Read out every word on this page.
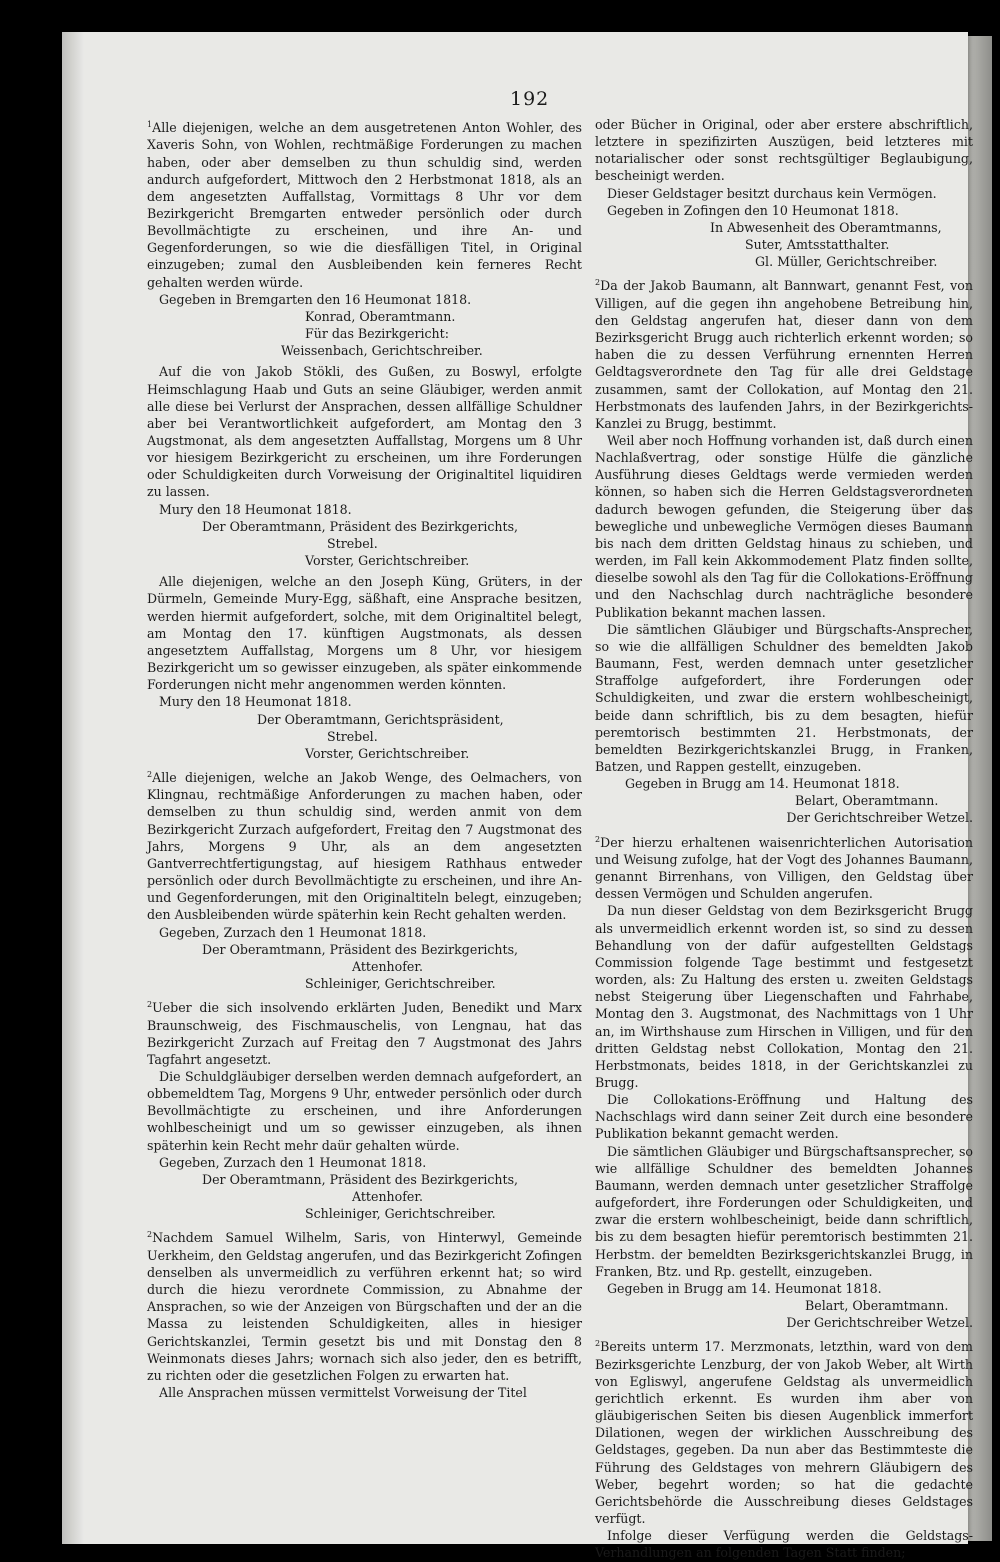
192

$^1$Alle diejenigen, welche an dem ausgetretenen Anton Wohler, des Xaveris Sohn, von Wohlen, rechtmäßige Forderungen zu machen haben, oder aber demselben zu thun schuldig sind, werden andurch aufgefordert, Mittwoch den 2 Herbstmonat 1818, als an dem angesetzten Auffallstag, Vormittags 8 Uhr vor dem Bezirkgericht Bremgarten entweder persönlich oder durch Bevollmächtigte zu erscheinen, und ihre An- und Gegenforderungen, so wie die diesfälligen Titel, in Original einzugeben; zumal den Ausbleibenden kein ferneres Recht gehalten werden würde.

Gegeben in Bremgarten den 16 Heumonat 1818.

Konrad, Oberamtmann.

Für das Bezirkgericht:

Weissenbach, Gerichtschreiber.

Auf die von Jakob Stökli, des Gußen, zu Boswyl, erfolgte Heimschlagung Haab und Guts an seine Gläubiger, werden anmit alle diese bei Verlurst der Ansprachen, dessen allfällige Schuldner aber bei Verantwortlichkeit aufgefordert, am Montag den 3 Augstmonat, als dem angesetzten Auffallstag, Morgens um 8 Uhr vor hiesigem Bezirkgericht zu erscheinen, um ihre Forderungen oder Schuldigkeiten durch Vorweisung der Originaltitel liquidiren zu lassen.

Mury den 18 Heumonat 1818.

Der Oberamtmann, Präsident des Bezirkgerichts,

Strebel.

Vorster, Gerichtschreiber.

Alle diejenigen, welche an den Joseph Küng, Grüters, in der Dürmeln, Gemeinde Mury-Egg, säßhaft, eine Ansprache besitzen, werden hiermit aufgefordert, solche, mit dem Originaltitel belegt, am Montag den 17. künftigen Augstmonats, als dessen angesetztem Auffallstag, Morgens um 8 Uhr, vor hiesigem Bezirkgericht um so gewisser einzugeben, als später einkommende Forderungen nicht mehr angenommen werden könnten.

Mury den 18 Heumonat 1818.

Der Oberamtmann, Gerichtspräsident,

Strebel.

Vorster, Gerichtschreiber.

$^2$Alle diejenigen, welche an Jakob Wenge, des Oelmachers, von Klingnau, rechtmäßige Anforderungen zu machen haben, oder demselben zu thun schuldig sind, werden anmit von dem Bezirkgericht Zurzach aufgefordert, Freitag den 7 Augstmonat des Jahrs, Morgens 9 Uhr, als an dem angesetzten Gantverrechtfertigungstag, auf hiesigem Rathhaus entweder persönlich oder durch Bevollmächtigte zu erscheinen, und ihre An- und Gegenforderungen, mit den Originaltiteln belegt, einzugeben; den Ausbleibenden würde späterhin kein Recht gehalten werden.

Gegeben, Zurzach den 1 Heumonat 1818.

Der Oberamtmann, Präsident des Bezirkgerichts,

Attenhofer.

Schleiniger, Gerichtschreiber.

$^2$Ueber die sich insolvendo erklärten Juden, Benedikt und Marx Braunschweig, des Fischmauschelis, von Lengnau, hat das Bezirkgericht Zurzach auf Freitag den 7 Augstmonat des Jahrs Tagfahrt angesetzt.

Die Schuldgläubiger derselben werden demnach aufgefordert, an obbemeldtem Tag, Morgens 9 Uhr, entweder persönlich oder durch Bevollmächtigte zu erscheinen, und ihre Anforderungen wohlbescheinigt und um so gewisser einzugeben, als ihnen späterhin kein Recht mehr daür gehalten würde.

Gegeben, Zurzach den 1 Heumonat 1818.

Der Oberamtmann, Präsident des Bezirkgerichts,

Attenhofer.

Schleiniger, Gerichtschreiber.

$^2$Nachdem Samuel Wilhelm, Saris, von Hinterwyl, Gemeinde Uerkheim, den Geldstag angerufen, und das Bezirkgericht Zofingen denselben als unvermeidlich zu verführen erkennt hat; so wird durch die hiezu verordnete Commission, zu Abnahme der Ansprachen, so wie der Anzeigen von Bürgschaften und der an die Massa zu leistenden Schuldigkeiten, alles in hiesiger Gerichtskanzlei, Termin gesetzt bis und mit Donstag den 8 Weinmonats dieses Jahrs; wornach sich also jeder, den es betrifft, zu richten oder die gesetzlichen Folgen zu erwarten hat.

Alle Ansprachen müssen vermittelst Vorweisung der Titel

oder Bücher in Original, oder aber erstere abschriftlich, letztere in spezifizirten Auszügen, beid letzteres mit notarialischer oder sonst rechtsgültiger Beglaubigung, bescheinigt werden.

Dieser Geldstager besitzt durchaus kein Vermögen.

Gegeben in Zofingen den 10 Heumonat 1818.

In Abwesenheit des Oberamtmanns,

Suter, Amtsstatthalter.

Gl. Müller, Gerichtschreiber.

$^2$Da der Jakob Baumann, alt Bannwart, genannt Fest, von Villigen, auf die gegen ihn angehobene Betreibung hin, den Geldstag angerufen hat, dieser dann von dem Bezirksgericht Brugg auch richterlich erkennt worden; so haben die zu dessen Verführung ernennten Herren Geldtagsverordnete den Tag für alle drei Geldstage zusammen, samt der Collokation, auf Montag den 21. Herbstmonats des laufenden Jahrs, in der Bezirkgerichts-Kanzlei zu Brugg, bestimmt.

Weil aber noch Hoffnung vorhanden ist, daß durch einen Nachlaßvertrag, oder sonstige Hülfe die gänzliche Ausführung dieses Geldtags werde vermieden werden können, so haben sich die Herren Geldstagsverordneten dadurch bewogen gefunden, die Steigerung über das bewegliche und unbewegliche Vermögen dieses Baumann bis nach dem dritten Geldstag hinaus zu schieben, und werden, im Fall kein Akkommodement Platz finden sollte, dieselbe sowohl als den Tag für die Collokations-Eröffnung und den Nachschlag durch nachträgliche besondere Publikation bekannt machen lassen.

Die sämtlichen Gläubiger und Bürgschafts-Ansprecher, so wie die allfälligen Schuldner des bemeldten Jakob Baumann, Fest, werden demnach unter gesetzlicher Straffolge aufgefordert, ihre Forderungen oder Schuldigkeiten, und zwar die erstern wohlbescheinigt, beide dann schriftlich, bis zu dem besagten, hiefür peremtorisch bestimmten 21. Herbstmonats, der bemeldten Bezirkgerichtskanzlei Brugg, in Franken, Batzen, und Rappen gestellt, einzugeben.

Gegeben in Brugg am 14. Heumonat 1818.

Belart, Oberamtmann.

Der Gerichtschreiber Wetzel.

$^2$Der hierzu erhaltenen waisenrichterlichen Autorisation und Weisung zufolge, hat der Vogt des Johannes Baumann, genannt Birrenhans, von Villigen, den Geldstag über dessen Vermögen und Schulden angerufen.

Da nun dieser Geldstag von dem Bezirksgericht Brugg als unvermeidlich erkennt worden ist, so sind zu dessen Behandlung von der dafür aufgestellten Geldstags Commission folgende Tage bestimmt und festgesetzt worden, als: Zu Haltung des ersten u. zweiten Geldstags nebst Steigerung über Liegenschaften und Fahrhabe, Montag den 3. Augstmonat, des Nachmittags von 1 Uhr an, im Wirthshause zum Hirschen in Villigen, und für den dritten Geldstag nebst Collokation, Montag den 21. Herbstmonats, beides 1818, in der Gerichtskanzlei zu Brugg.

Die Collokations-Eröffnung und Haltung des Nachschlags wird dann seiner Zeit durch eine besondere Publikation bekannt gemacht werden.

Die sämtlichen Gläubiger und Bürgschaftsansprecher, so wie allfällige Schuldner des bemeldten Johannes Baumann, werden demnach unter gesetzlicher Straffolge aufgefordert, ihre Forderungen oder Schuldigkeiten, und zwar die erstern wohlbescheinigt, beide dann schriftlich, bis zu dem besagten hiefür peremtorisch bestimmten 21. Herbstm. der bemeldten Bezirksgerichtskanzlei Brugg, in Franken, Btz. und Rp. gestellt, einzugeben.

Gegeben in Brugg am 14. Heumonat 1818.

Belart, Oberamtmann.

Der Gerichtschreiber Wetzel.

$^2$Bereits unterm 17. Merzmonats, letzthin, ward von dem Bezirksgerichte Lenzburg, der von Jakob Weber, alt Wirth von Egliswyl, angerufene Geldstag als unvermeidlich gerichtlich erkennt. Es wurden ihm aber von gläubigerischen Seiten bis diesen Augenblick immerfort Dilationen, wegen der wirklichen Ausschreibung des Geldstages, gegeben. Da nun aber das Bestimmteste die Führung des Geldstages von mehrern Gläubigern des Weber, begehrt worden; so hat die gedachte Gerichtsbehörde die Ausschreibung dieses Geldstages verfügt.

Infolge dieser Verfügung werden die Geldstags-Verhandlungen an folgenden Tagen Statt finden;
